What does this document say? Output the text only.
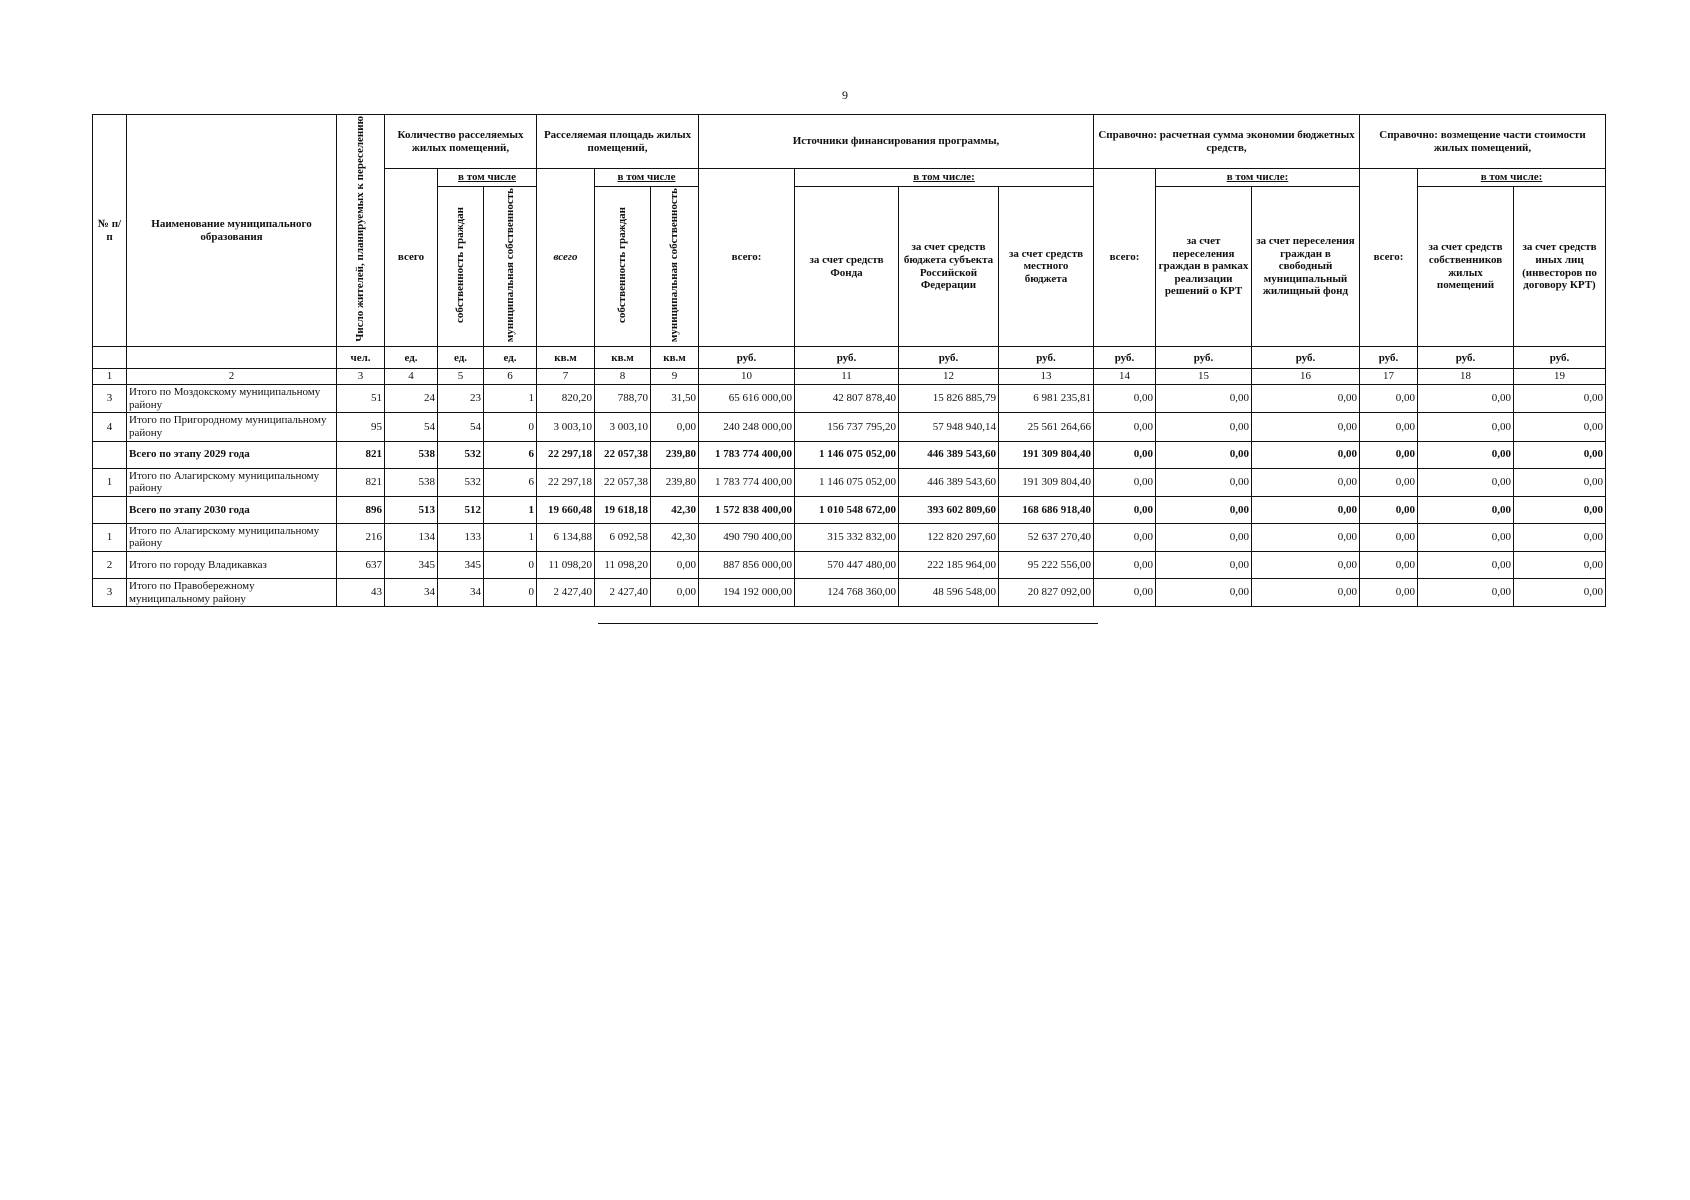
9
№ п/п	Наименование муниципального образования	Число жителей, планируемых к переселению	Количество расселяемых жилых помещений,			Расселяемая площадь жилых помещений,			Источники финансирования программы,				Справочно: расчетная сумма экономии бюджетных средств,			Справочно: возмещение части стоимости жилых помещений,		
			всего	в том числе		всего	в том числе		всего:	в том числе:			всего:	в том числе:		всего:	в том числе:	
				собственность граждан	муниципальная собственность		собственность граждан	муниципальная собственность		за счет средств Фонда	за счет средств бюджета субъекта Российской Федерации	за счет средств местного бюджета		за счет переселения граждан в рамках реализации решений о КРТ	за счет переселения граждан в свободный муниципальный жилищный фонд		за счет средств собственников жилых помещений	за счет средств иных лиц (инвесторов по договору КРТ)
		чел.	ед.	ед.	ед.	кв.м	кв.м	кв.м	руб.	руб.	руб.	руб.	руб.	руб.	руб.	руб.	руб.	руб.
1	2	3	4	5	6	7	8	9	10	11	12	13	14	15	16	17	18	19
3	Итого по Моздокскому муниципальному району	51	24	23	1	820,20	788,70	31,50	65 616 000,00	42 807 878,40	15 826 885,79	6 981 235,81	0,00	0,00	0,00	0,00	0,00	0,00
4	Итого по Пригородному муниципальному району	95	54	54	0	3 003,10	3 003,10	0,00	240 248 000,00	156 737 795,20	57 948 940,14	25 561 264,66	0,00	0,00	0,00	0,00	0,00	0,00
	Всего по этапу 2029 года	821	538	532	6	22 297,18	22 057,38	239,80	1 783 774 400,00	1 146 075 052,00	446 389 543,60	191 309 804,40	0,00	0,00	0,00	0,00	0,00	0,00
1	Итого по Алагирскому муниципальному району	821	538	532	6	22 297,18	22 057,38	239,80	1 783 774 400,00	1 146 075 052,00	446 389 543,60	191 309 804,40	0,00	0,00	0,00	0,00	0,00	0,00
	Всего по этапу 2030 года	896	513	512	1	19 660,48	19 618,18	42,30	1 572 838 400,00	1 010 548 672,00	393 602 809,60	168 686 918,40	0,00	0,00	0,00	0,00	0,00	0,00
1	Итого по Алагирскому муниципальному району	216	134	133	1	6 134,88	6 092,58	42,30	490 790 400,00	315 332 832,00	122 820 297,60	52 637 270,40	0,00	0,00	0,00	0,00	0,00	0,00
2	Итого по городу Владикавказ	637	345	345	0	11 098,20	11 098,20	0,00	887 856 000,00	570 447 480,00	222 185 964,00	95 222 556,00	0,00	0,00	0,00	0,00	0,00	0,00
3	Итого по Правобережному муниципальному району	43	34	34	0	2 427,40	2 427,40	0,00	194 192 000,00	124 768 360,00	48 596 548,00	20 827 092,00	0,00	0,00	0,00	0,00	0,00	0,00
